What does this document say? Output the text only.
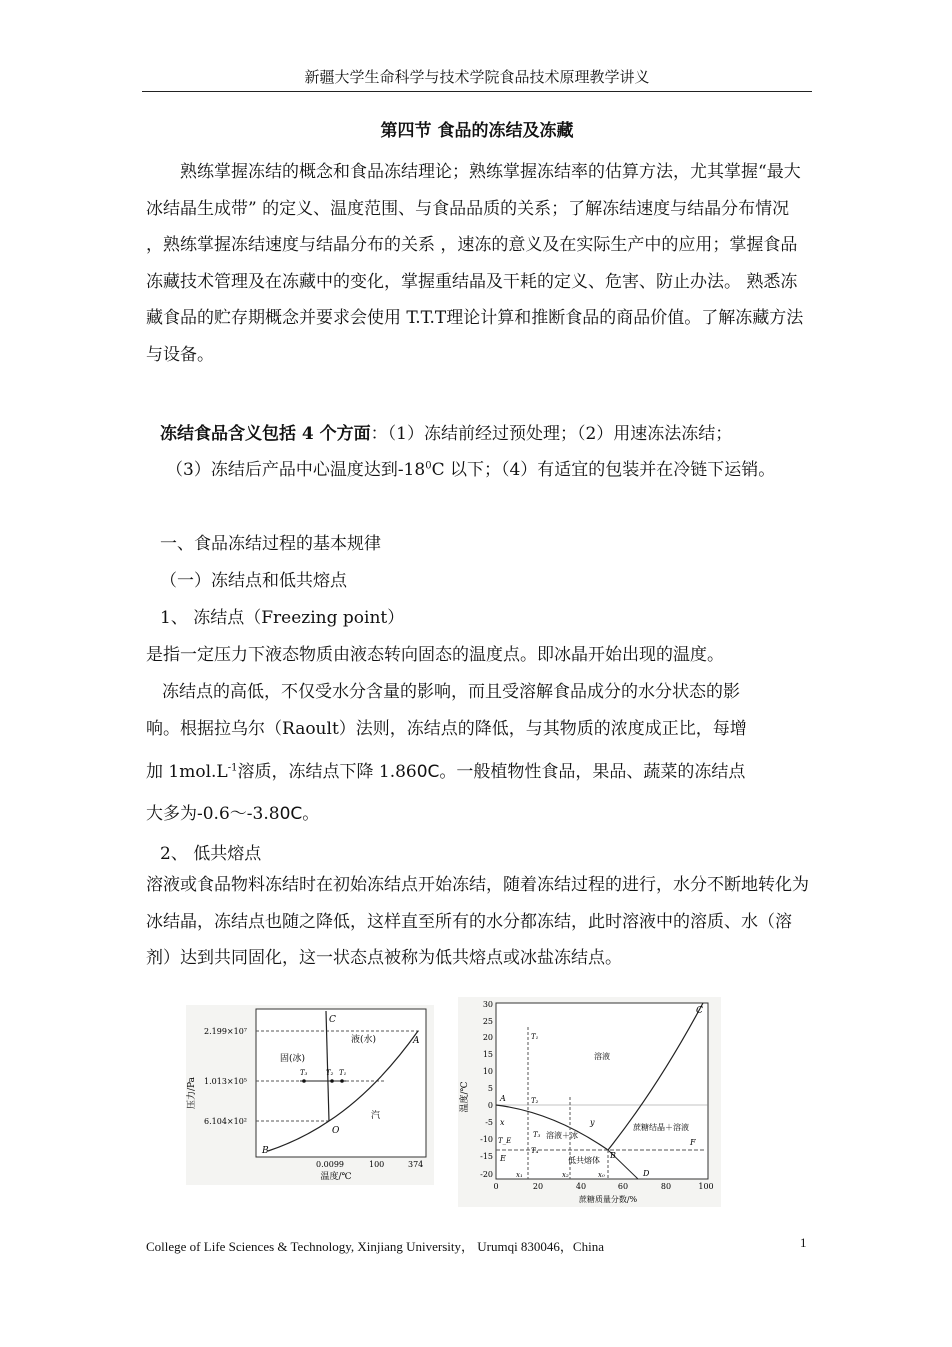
新疆大学生命科学与技术学院食品技术原理教学讲义
第四节 食品的冻结及冻藏
熟练掌握冻结的概念和食品冻结理论；熟练掌握冻结率的估算方法，尤其掌握“最大冰结晶生成带” 的定义、温度范围、与食品品质的关系；了解冻结速度与结晶分布情况 ，熟练掌握冻结速度与结晶分布的关系 ，速冻的意义及在实际生产中的应用；掌握食品冻藏技术管理及在冻藏中的变化，掌握重结晶及干耗的定义、危害、防止办法。 熟悉冻藏食品的贮存期概念并要求会使用 T.T.T理论计算和推断食品的商品价值。了解冻藏方法与设备。
冻结食品含义包括 4 个方面：（1）冻结前经过预处理；（2）用速冻法冻结；
（3）冻结后产品中心温度达到$-18^0C$ 以下；（4）有适宜的包装并在冷链下运销。
一、食品冻结过程的基本规律
（一）冻结点和低共熔点
1、 冻结点（Freezing point）
是指一定压力下液态物质由液态转向固态的温度点。即冰晶开始出现的温度。
冻结点的高低，不仅受水分含量的影响，而且受溶解食品成分的水分状态的影
响。根据拉乌尔（Raoult）法则，冻结点的降低，与其物质的浓度成正比，每增
加 $1mol.L^{-1}$溶质，冻结点下降 1.860C。一般植物性食品，果品、蔬菜的冻结点
大多为-0.6～-3.80C。
2、 低共熔点
溶液或食品物料冻结时在初始冻结点开始冻结，随着冻结过程的进行，水分不断地转化为冰结晶，冻结点也随之降低，这样直至所有的水分都冻结，此时溶液中的溶质、水（溶剂）达到共同固化，这一状态点被称为低共熔点或冰盐冻结点。
压力/Pa
2.199×10⁷
1.013×10⁵
6.104×10²
C
A
O
B
液(水)
固(冰)
汽
T₃	T₂ T₁
0.0099	100	374
温度/℃
温度/℃
30
25
20
15
10
5
0
-5
-10
-15
-20
C
T₁
T₂
T₃
T₄
A
x	y
T_E
E	B
D
F
x₁	x₂	x₀
溶液
溶液＋冰
蔗糖结晶＋溶液
低共熔体
0	20	40	60	80	100
蔗糖质量分数/%
College of Life Sciences & Technology, Xinjiang University， Urumqi 830046，China	1
